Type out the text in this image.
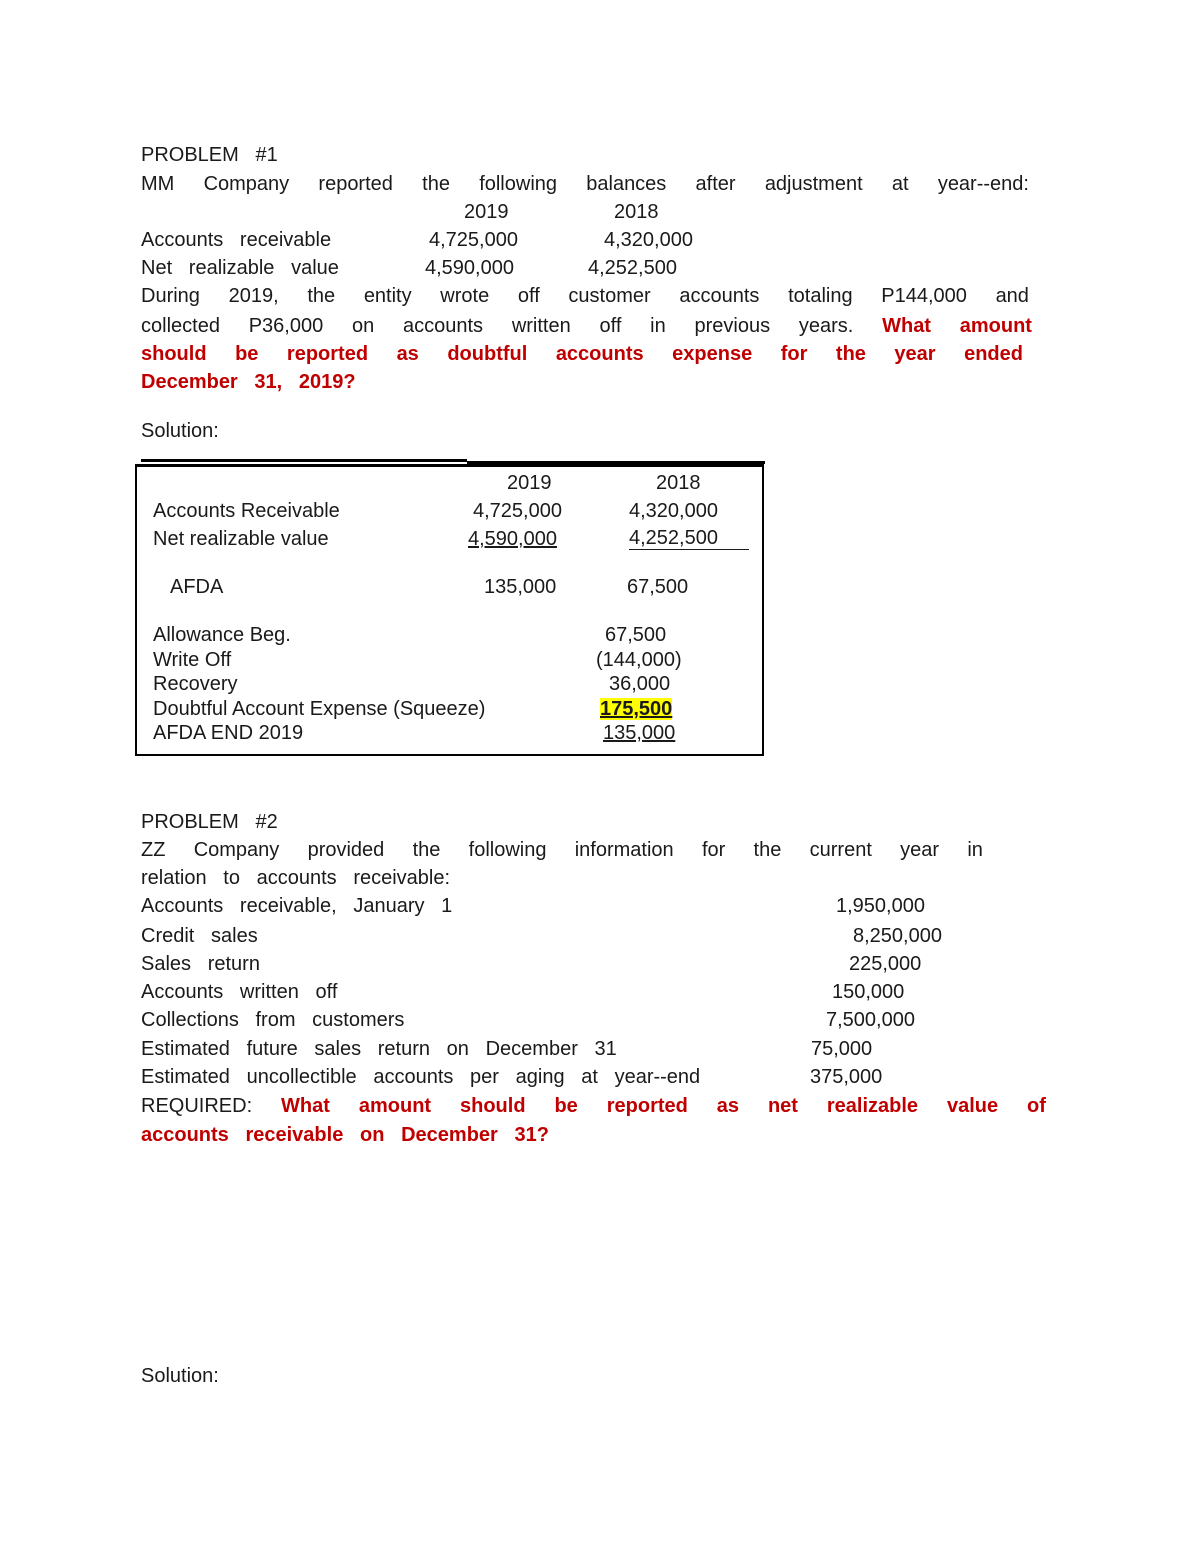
PROBLEM   #1
MM Company reported the following balances after adjustment at year--end:
2019	2018
Accounts   receivable	4,725,000	4,320,000
Net   realizable   value	4,590,000	4,252,500
During 2019, the entity wrote off customer accounts totaling P144,000 and
collected P36,000 on accounts written off in previous years. What amount
should be reported as doubtful accounts expense for the year ended
December   31,   2019?
Solution:
2019	2018
Accounts Receivable	4,725,000	4,320,000
Net realizable value	4,590,000	4,252,500
AFDA	135,000	67,500
Allowance Beg.	67,500
Write Off	(144,000)
Recovery	36,000
Doubtful Account Expense (Squeeze)	175,500
AFDA END 2019	135,000
PROBLEM   #2
ZZ Company provided the following information for the current year in
relation   to   accounts   receivable:
Accounts   receivable,   January   1	1,950,000
Credit   sales	8,250,000
Sales   return	225,000
Accounts   written   off	150,000
Collections   from   customers	7,500,000
Estimated   future   sales   return   on   December   31	75,000
Estimated   uncollectible   accounts   per   aging   at   year--end	375,000
REQUIRED: What amount should be reported as net realizable value of
accounts   receivable   on   December   31?
Solution:
